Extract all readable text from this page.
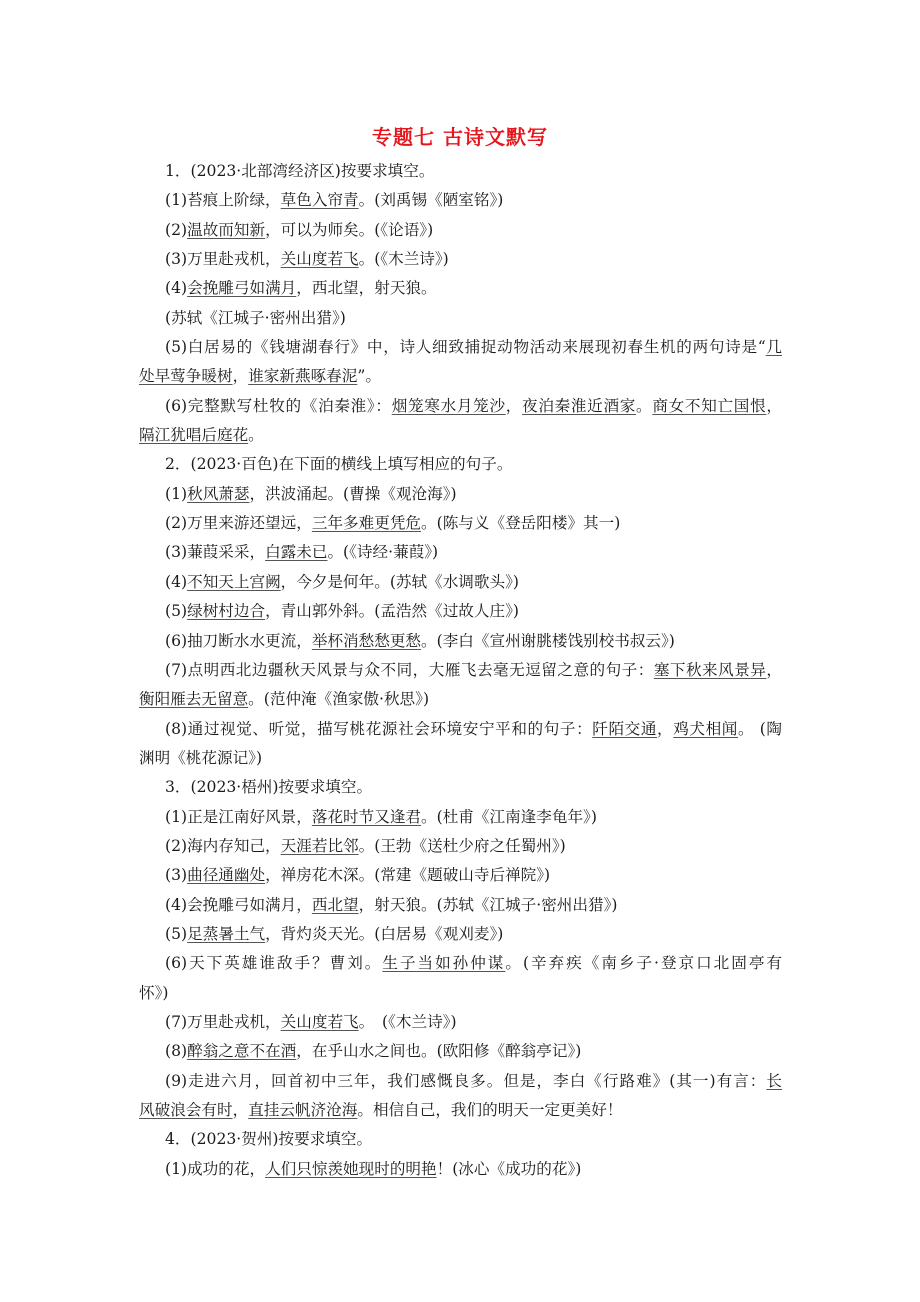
专题七 古诗文默写
1．(2023·北部湾经济区)按要求填空。
(1)苔痕上阶绿，草色入帘青。(刘禹锡《陋室铭》)
(2)温故而知新，可以为师矣。(《论语》)
(3)万里赴戎机，关山度若飞。(《木兰诗》)
(4)会挽雕弓如满月，西北望，射天狼。
(苏轼《江城子·密州出猎》)
(5)白居易的《钱塘湖春行》中，诗人细致捕捉动物活动来展现初春生机的两句诗是“几
处早莺争暖树，谁家新燕啄春泥”。
(6)完整默写杜牧的《泊秦淮》：烟笼寒水月笼沙，夜泊秦淮近酒家。商女不知亡国恨，
隔江犹唱后庭花。
2．(2023·百色)在下面的横线上填写相应的句子。
(1)秋风萧瑟，洪波涌起。(曹操《观沧海》)
(2)万里来游还望远，三年多难更凭危。(陈与义《登岳阳楼》其一)
(3)蒹葭采采，白露未已。(《诗经·蒹葭》)
(4)不知天上宫阙，今夕是何年。(苏轼《水调歌头》)
(5)绿树村边合，青山郭外斜。(孟浩然《过故人庄》)
(6)抽刀断水水更流，举杯消愁愁更愁。(李白《宣州谢朓楼饯别校书叔云》)
(7)点明西北边疆秋天风景与众不同，大雁飞去毫无逗留之意的句子：塞下秋来风景异，
衡阳雁去无留意。(范仲淹《渔家傲·秋思》)
(8)通过视觉、听觉，描写桃花源社会环境安宁平和的句子：阡陌交通，鸡犬相闻。 (陶
渊明《桃花源记》)
3．(2023·梧州)按要求填空。
(1)正是江南好风景，落花时节又逢君。(杜甫《江南逢李龟年》)
(2)海内存知己，天涯若比邻。(王勃《送杜少府之任蜀州》)
(3)曲径通幽处，禅房花木深。(常建《题破山寺后禅院》)
(4)会挽雕弓如满月，西北望，射天狼。(苏轼《江城子·密州出猎》)
(5)足蒸暑土气，背灼炎天光。(白居易《观刈麦》)
(6)天下英雄谁敌手？曹刘。生子当如孙仲谋。(辛弃疾《南乡子·登京口北固亭有
怀》)
(7)万里赴戎机，关山度若飞。　(《木兰诗》)
(8)醉翁之意不在酒，在乎山水之间也。(欧阳修《醉翁亭记》)
(9)走进六月，回首初中三年，我们感慨良多。但是，李白《行路难》(其一)有言：长
风破浪会有时，直挂云帆济沧海。相信自己，我们的明天一定更美好！
4．(2023·贺州)按要求填空。
(1)成功的花，人们只惊羡她现时的明艳！(冰心《成功的花》)
